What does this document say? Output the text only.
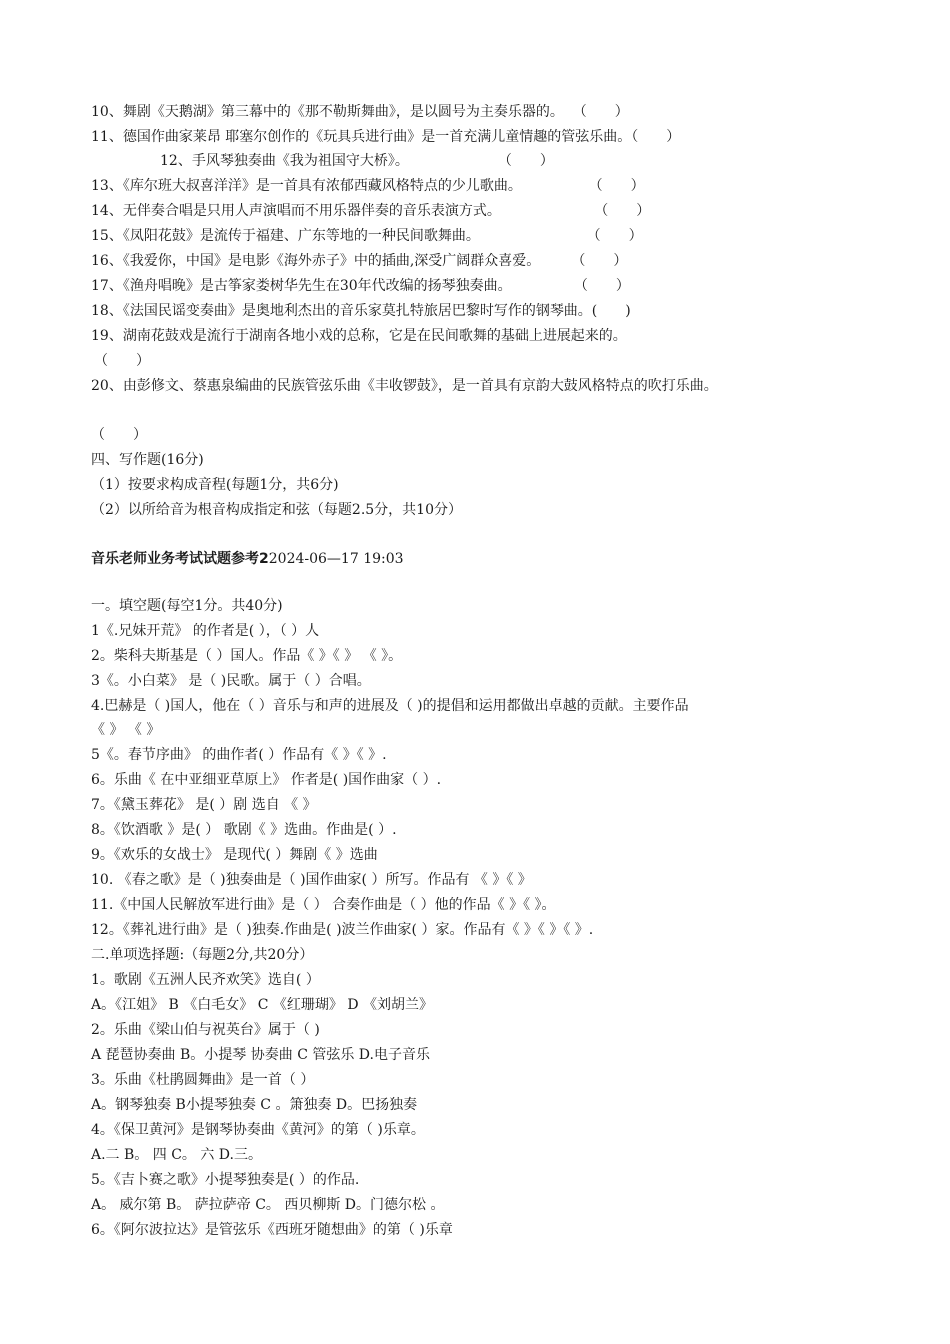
10、舞剧《天鹅湖》第三幕中的《那不勒斯舞曲》，是以圆号为主奏乐器的。  （　　）
11、德国作曲家莱昂 耶塞尔创作的《玩具兵进行曲》是一首充满儿童情趣的管弦乐曲。（　　）
12、手风琴独奏曲《我为祖国守大桥》。                    （　　）
13、《库尔班大叔喜洋洋》是一首具有浓郁西藏风格特点的少儿歌曲。               （　　）
14、无伴奏合唱是只用人声演唱而不用乐器伴奏的音乐表演方式。                     （　　）
15、《凤阳花鼓》是流传于福建、广东等地的一种民间歌舞曲。                        （　　）
16、《我爱你，中国》是电影《海外赤子》中的插曲,深受广阔群众喜爱。       （　　）
17、《渔舟唱晚》是古筝家娄树华先生在30年代改编的扬琴独奏曲。              （　　）
18、《法国民谣变奏曲》是奥地利杰出的音乐家莫扎特旅居巴黎时写作的钢琴曲。(　　)
19、湖南花鼓戏是流行于湖南各地小戏的总称，它是在民间歌舞的基础上进展起来的。
（　　）
20、由彭修文、蔡惠泉编曲的民族管弦乐曲《丰收锣鼓》，是一首具有京韵大鼓风格特点的吹打乐曲。
（　　）
四、写作题(16分)
（1）按要求构成音程(每题1分，共6分)
（2）以所给音为根音构成指定和弦（每题2.5分，共10分）
音乐老师业务考试试题参考22024-06—17 19:03
一。填空题(每空1分。共40分)
1《.兄妹开荒》 的作者是( ），（ ）人
2。柴科夫斯基是（ ）国人。作品《 》《 》 《 》。
3《。小白菜》 是（ )民歌。属于（ ）合唱。
4.巴赫是（ )国人，他在（ ）音乐与和声的进展及（ )的提倡和运用都做出卓越的贡献。主要作品
《 》 《 》
5《。春节序曲》 的曲作者( ）作品有《 》《 》.
6。乐曲《 在中亚细亚草原上》 作者是( )国作曲家（ ）.
7。《黛玉葬花》 是( ）剧 选自 《 》
8。《饮酒歌 》是( ） 歌剧《 》选曲。作曲是( ）.
9。《欢乐的女战士》 是现代( ）舞剧《 》选曲
10. 《春之歌》是（ )独奏曲是（ )国作曲家( ）所写。作品有 《 》《 》
11.《中国人民解放军进行曲》是（ ） 合奏作曲是（ ）他的作品《 》《 》。
12。《葬礼进行曲》是（ )独奏.作曲是( )波兰作曲家( ）家。作品有《 》《 》《 》.
二.单项选择题:（每题2分,共20分）
1。歌剧《五洲人民齐欢笑》选自( ）
A。《江姐》 B 《白毛女》 C 《红珊瑚》 D 《刘胡兰》
2。乐曲《梁山伯与祝英台》属于（ )
A 琵琶协奏曲 B。小提琴 协奏曲 C 管弦乐 D.电子音乐
3。乐曲《杜鹃圆舞曲》是一首（ ）
A。钢琴独奏 B小提琴独奏 C 。箫独奏 D。巴扬独奏
4。《保卫黄河》是钢琴协奏曲《黄河》的第（ )乐章。
A.二 B。 四 C。 六 D.三。
5。《吉卜赛之歌》小提琴独奏是( ）的作品.
A。 威尔第 B。 萨拉萨帝 C。 西贝柳斯 D。门德尔松 。
6。《阿尔波拉达》是管弦乐《西班牙随想曲》的第（ )乐章
